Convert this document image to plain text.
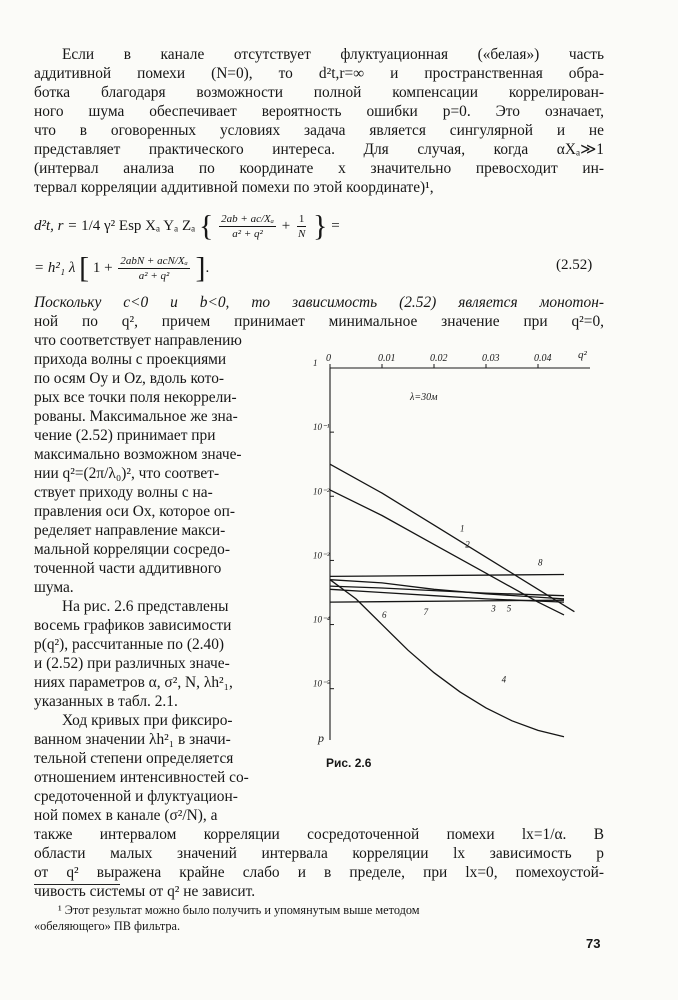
Если в канале отсутствует флуктуационная («белая») часть
аддитивной помехи (N=0), то d²t,r=∞ и пространственная обра-
ботка благодаря возможности полной компенсации коррелирован-
ного шума обеспечивает вероятность ошибки p=0. Это означает,
что в оговоренных условиях задача является сингулярной и не
представляет практического интереса. Для случая, когда αXₐ≫1
(интервал анализа по координате x значительно превосходит ин-
тервал корреляции аддитивной помехи по этой координате)¹,
d²t, r = 1/4 γ² Esp Xₐ Yₐ Zₐ { $\frac{\text{2ab + ac/Xₐ}}{\text{a² + q²}} + \frac{1}{N}$ } =
= h²₁ λ [ $1 + \frac{\text{2abN + acN/Xₐ}}{\text{a² + q²}}$ ].	(2.52)
Поскольку c<0 и b<0, то зависимость (2.52) является монотон-
ной по q², причем принимает минимальное значение при q²=0,
что соответствует направлению
прихода волны с проекциями
по осям Oy и Oz, вдоль кото-
рых все точки поля некоррели-
рованы. Максимальное же зна-
чение (2.52) принимает при
максимально возможном значе-
нии q²=(2π/λ₀)², что соответ-
ствует приходу волны с на-
правления оси Ox, которое оп-
ределяет направление макси-
мальной корреляции сосредо-
точенной части аддитивного
шума.
На рис. 2.6 представлены
восемь графиков зависимости
p(q²), рассчитанные по (2.40)
и (2.52) при различных значе-
ниях параметров α, σ², N, λh²₁,
указанных в табл. 2.1.
Ход кривых при фиксиро-
ванном значении λh²₁ в значи-
тельной степени определяется
отношением интенсивностей со-
средоточенной и флуктуацион-
ной помех в канале (σ²/N), а
0	0.01	0.02	0.03	0.04 q²
1
10⁻¹
10⁻²
10⁻³
10⁻⁴
10⁻⁵
p
λ=30м
1
2
3
4
5
6	7
8
Рис. 2.6
также интервалом корреляции сосредоточенной помехи lx=1/α. В
области малых значений интервала корреляции lx зависимость p
от q² выражена крайне слабо и в пределе, при lx=0, помехоустой-
чивость системы от q² не зависит.
¹ Этот результат можно было получить и упомянутым выше методом
«обеляющего» ПВ фильтра.
73
